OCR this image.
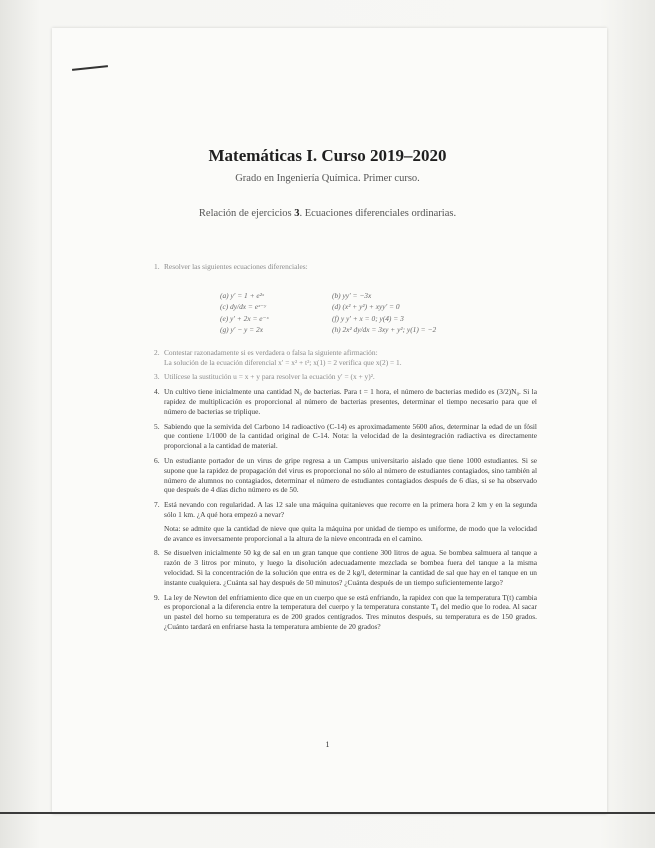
Matemáticas I. Curso 2019–2020
Grado en Ingeniería Química. Primer curso.
Relación de ejercicios 3. Ecuaciones diferenciales ordinarias.
1. Resolver las siguientes ecuaciones diferenciales:

(a) y′ = 1 + e²ˣ	(b) yy′ = −3x
(c) dy/dx = eˣ⁻ʸ	(d) (x² + y²) + xyy′ = 0
(e) y′ + 2x = e⁻ˣ	(f) y y′ + x = 0; y(4) = 3
(g) y′ − y = 2x	(h) 2x² dy/dx = 3xy + y²; y(1) = −2
2. Contestar razonadamente si es verdadera o falsa la siguiente afirmación:

La solución de la ecuación diferencial x′ = x² + t²; x(1) = 2 verifica que x(2) = 1.

3. Utilícese la sustitución u = x + y para resolver la ecuación y′ = (x + y)².

4. Un cultivo tiene inicialmente una cantidad N₀ de bacterias. Para t = 1 hora, el número de bacterias medido es (3/2)N₀. Si la rapidez de multiplicación es proporcional al número de bacterias presentes, determinar el tiempo necesario para que el número de bacterias se triplique.

5. Sabiendo que la semivida del Carbono 14 radioactivo (C-14) es aproximadamente 5600 años, determinar la edad de un fósil que contiene 1/1000 de la cantidad original de C-14. Nota: la velocidad de la desintegración radiactiva es directamente proporcional a la cantidad de material.

6. Un estudiante portador de un virus de gripe regresa a un Campus universitario aislado que tiene 1000 estudiantes. Si se supone que la rapidez de propagación del virus es proporcional no sólo al número de estudiantes contagiados, sino también al número de alumnos no contagiados, determinar el número de estudiantes contagiados después de 6 días, si se ha observado que después de 4 días dicho número es de 50.

7. Está nevando con regularidad. A las 12 sale una máquina quitanieves que recorre en la primera hora 2 km y en la segunda sólo 1 km. ¿A qué hora empezó a nevar?

Nota: se admite que la cantidad de nieve que quita la máquina por unidad de tiempo es uniforme, de modo que la velocidad de avance es inversamente proporcional a la altura de la nieve encontrada en el camino.

8. Se disuelven inicialmente 50 kg de sal en un gran tanque que contiene 300 litros de agua. Se bombea salmuera al tanque a razón de 3 litros por minuto, y luego la disolución adecuadamente mezclada se bombea fuera del tanque a la misma velocidad. Si la concentración de la solución que entra es de 2 kg/l, determinar la cantidad de sal que hay en el tanque en un instante cualquiera. ¿Cuánta sal hay después de 50 minutos? ¿Cuánta después de un tiempo suficientemente largo?

9. La ley de Newton del enfriamiento dice que en un cuerpo que se está enfriando, la rapidez con que la temperatura T(t) cambia es proporcional a la diferencia entre la temperatura del cuerpo y la temperatura constante T₀ del medio que lo rodea. Al sacar un pastel del horno su temperatura es de 200 grados centígrados. Tres minutos después, su temperatura es de 150 grados. ¿Cuánto tardará en enfriarse hasta la temperatura ambiente de 20 grados?

1
